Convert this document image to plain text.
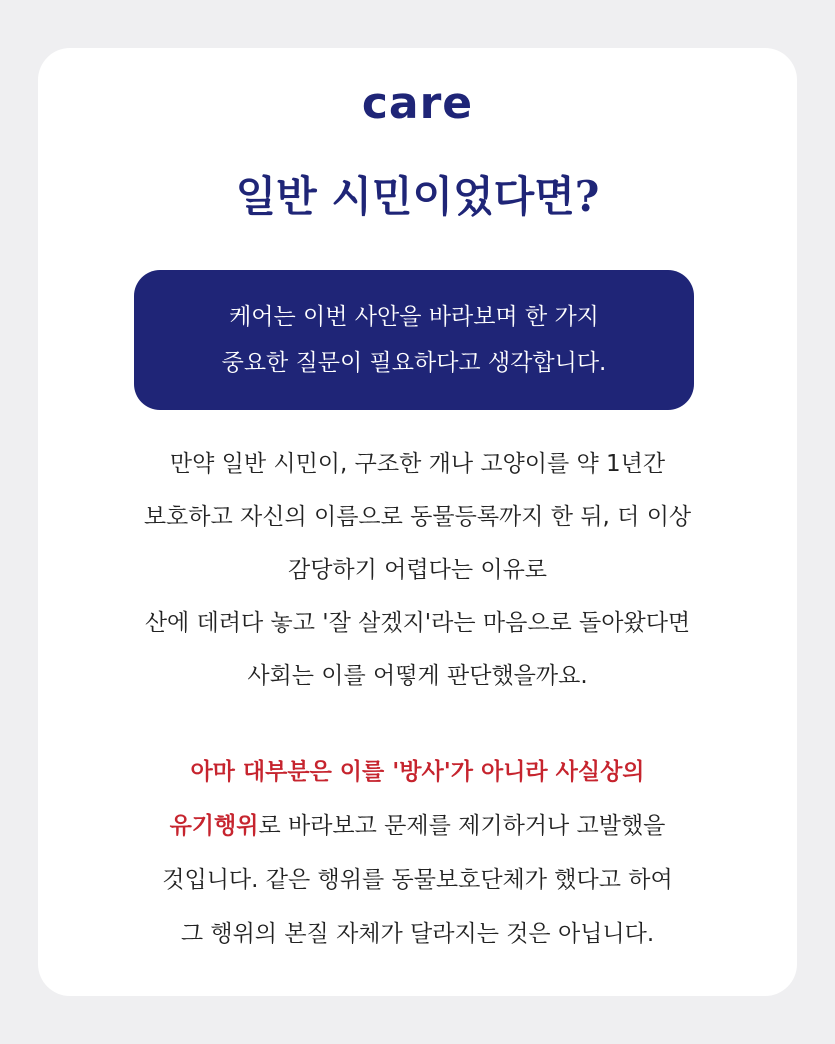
care
일반 시민이었다면?
케어는 이번 사안을 바라보며 한 가지
중요한 질문이 필요하다고 생각합니다.
만약 일반 시민이, 구조한 개나 고양이를 약 1년간
보호하고 자신의 이름으로 동물등록까지 한 뒤, 더 이상
감당하기 어렵다는 이유로
산에 데려다 놓고 '잘 살겠지'라는 마음으로 돌아왔다면
사회는 이를 어떻게 판단했을까요.
아마 대부분은 이를 '방사'가 아니라 사실상의
유기행위로 바라보고 문제를 제기하거나 고발했을
것입니다. 같은 행위를 동물보호단체가 했다고 하여
그 행위의 본질 자체가 달라지는 것은 아닙니다.
